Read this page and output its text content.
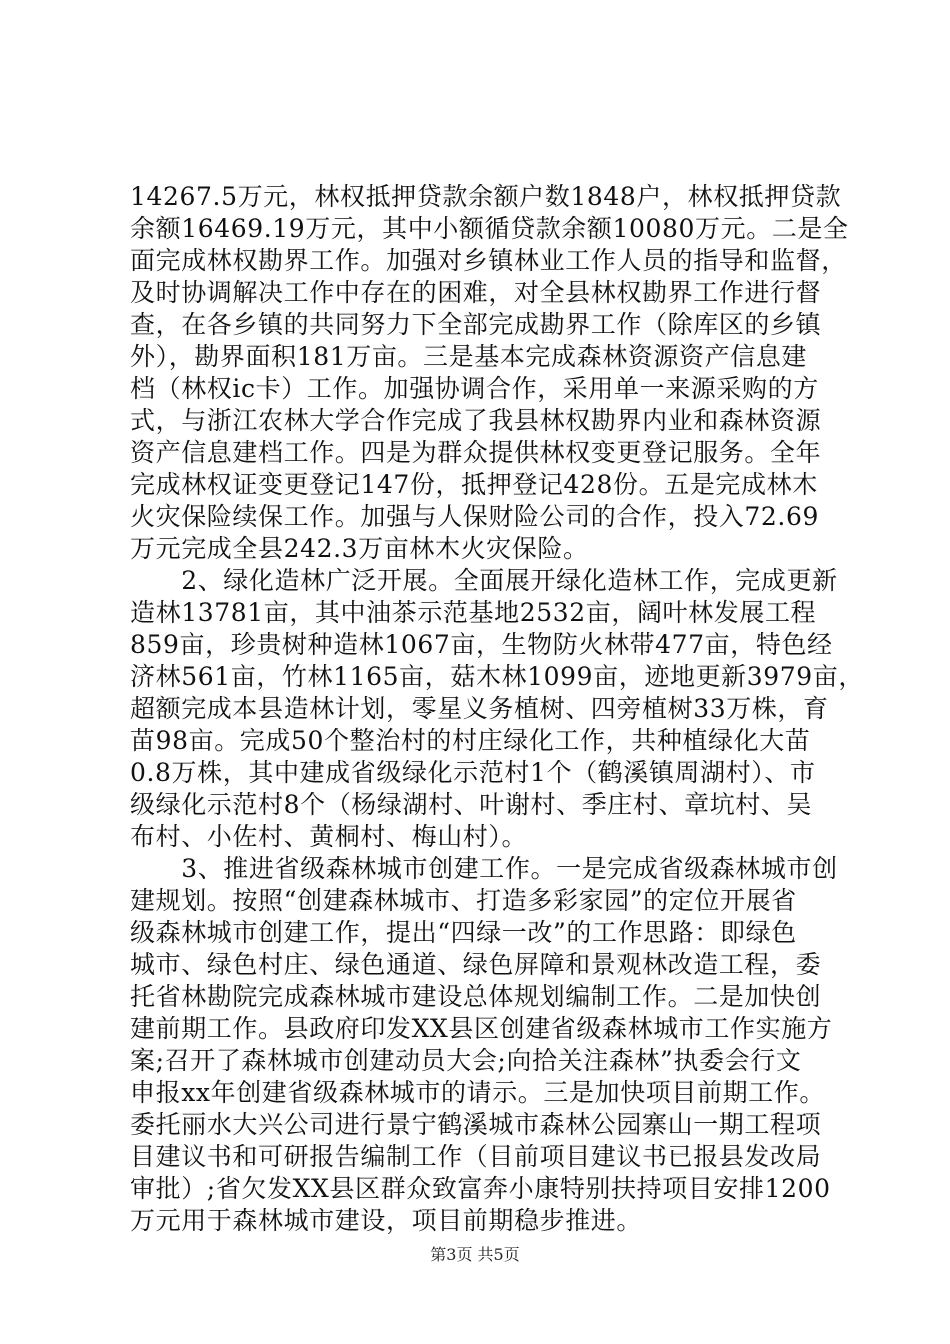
14267.5万元，林权抵押贷款余额户数1848户，林权抵押贷款
余额16469.19万元，其中小额循贷款余额10080万元。二是全
面完成林权勘界工作。加强对乡镇林业工作人员的指导和监督，
及时协调解决工作中存在的困难，对全县林权勘界工作进行督
查，在各乡镇的共同努力下全部完成勘界工作（除库区的乡镇
外），勘界面积181万亩。三是基本完成森林资源资产信息建
档（林权ic卡）工作。加强协调合作，采用单一来源采购的方
式，与浙江农林大学合作完成了我县林权勘界内业和森林资源
资产信息建档工作。四是为群众提供林权变更登记服务。全年
完成林权证变更登记147份，抵押登记428份。五是完成林木
火灾保险续保工作。加强与人保财险公司的合作，投入72.69
万元完成全县242.3万亩林木火灾保险。
　　2、绿化造林广泛开展。全面展开绿化造林工作，完成更新
造林13781亩，其中油茶示范基地2532亩，阔叶林发展工程
859亩，珍贵树种造林1067亩，生物防火林带477亩，特色经
济林561亩，竹林1165亩，菇木林1099亩，迹地更新3979亩，
超额完成本县造林计划，零星义务植树、四旁植树33万株，育
苗98亩。完成50个整治村的村庄绿化工作，共种植绿化大苗
0.8万株，其中建成省级绿化示范村1个（鹤溪镇周湖村）、市
级绿化示范村8个（杨绿湖村、叶谢村、季庄村、章坑村、吴
布村、小佐村、黄桐村、梅山村）。
　　3、推进省级森林城市创建工作。一是完成省级森林城市创
建规划。按照“创建森林城市、打造多彩家园”的定位开展省
级森林城市创建工作，提出“四绿一改”的工作思路：即绿色
城市、绿色村庄、绿色通道、绿色屏障和景观林改造工程，委
托省林勘院完成森林城市建设总体规划编制工作。二是加快创
建前期工作。县政府印发XX县区创建省级森林城市工作实施方
案;召开了森林城市创建动员大会;向拾关注森林”执委会行文
申报xx年创建省级森林城市的请示。三是加快项目前期工作。
委托丽水大兴公司进行景宁鹤溪城市森林公园寨山一期工程项
目建议书和可研报告编制工作（目前项目建议书已报县发改局
审批）;省欠发XX县区群众致富奔小康特别扶持项目安排1200
万元用于森林城市建设，项目前期稳步推进。
第3页 共5页
